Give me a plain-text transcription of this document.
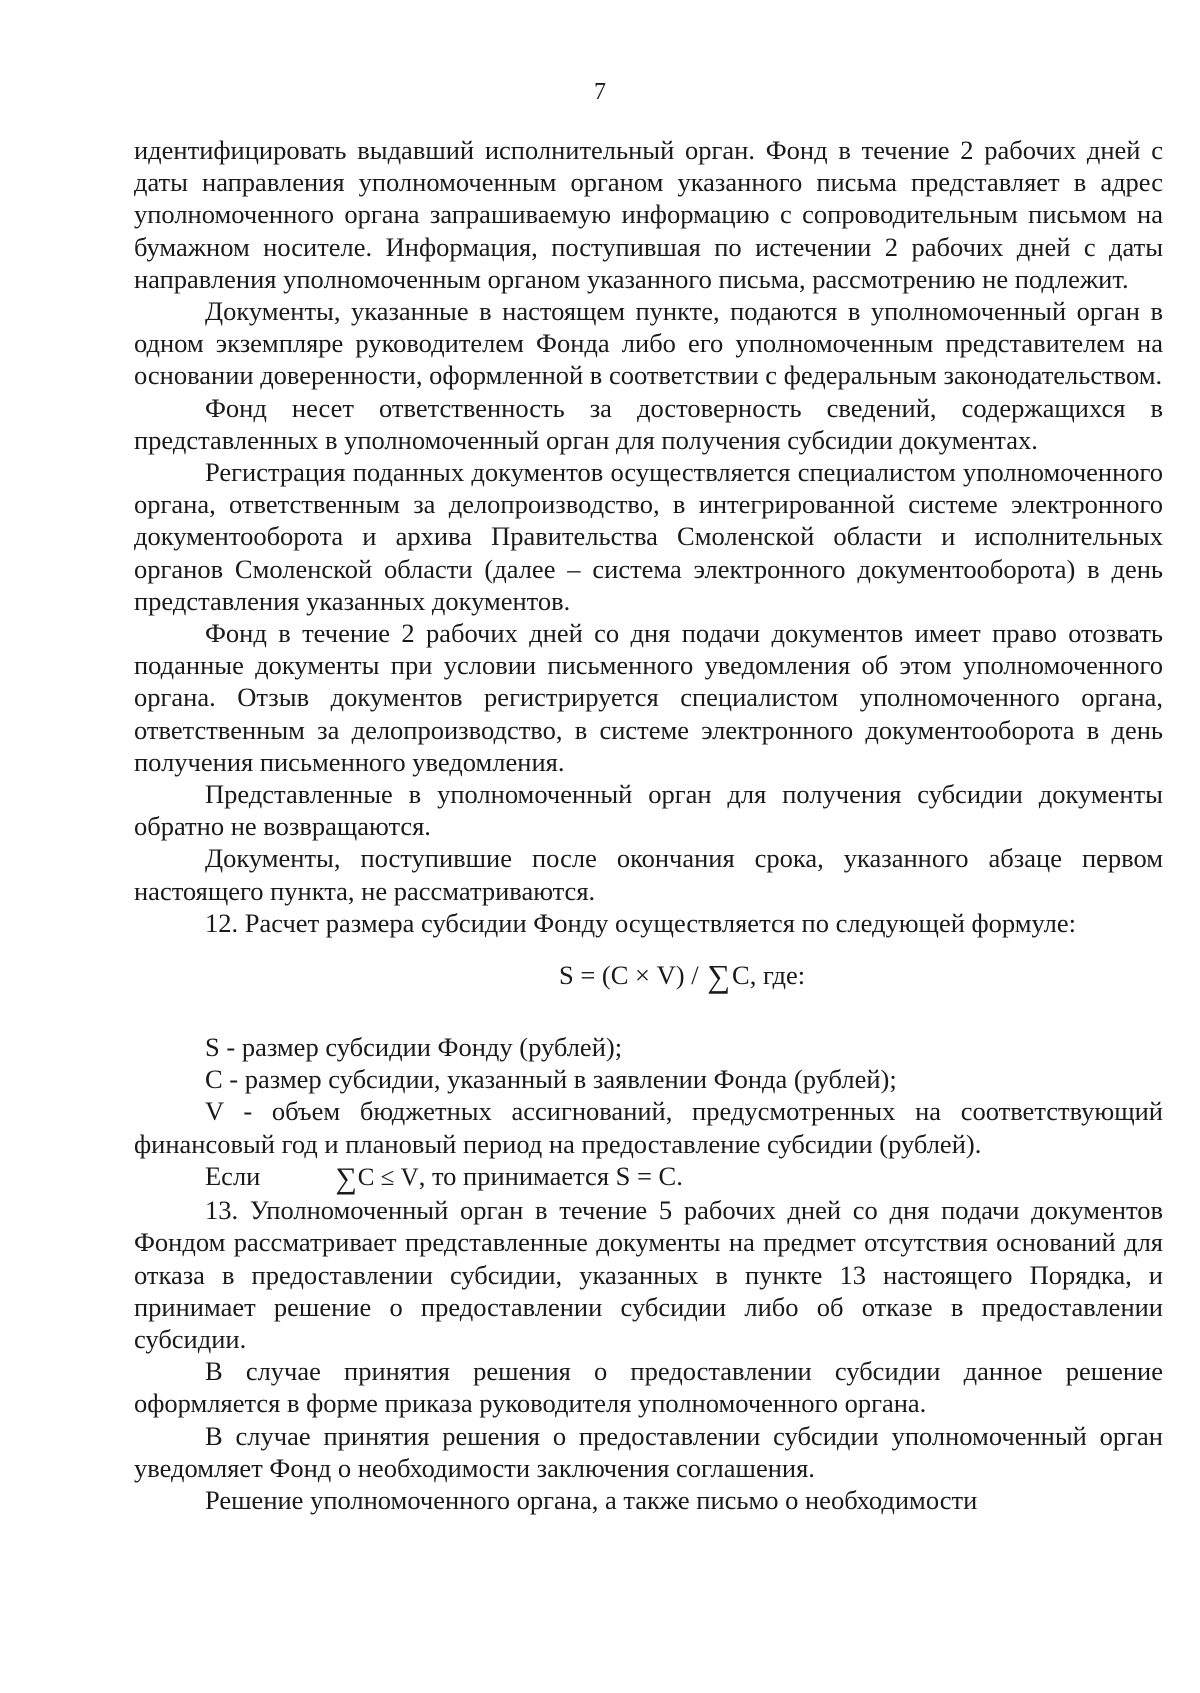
7

идентифицировать выдавший исполнительный орган. Фонд в течение 2 рабочих дней с даты направления уполномоченным органом указанного письма представляет в адрес уполномоченного органа запрашиваемую информацию с сопроводительным письмом на бумажном носителе. Информация, поступившая по истечении 2 рабочих дней с даты направления уполномоченным органом указанного письма, рассмотрению не подлежит.

Документы, указанные в настоящем пункте, подаются в уполномоченный орган в одном экземпляре руководителем Фонда либо его уполномоченным представителем на основании доверенности, оформленной в соответствии с федеральным законодательством.

Фонд несет ответственность за достоверность сведений, содержащихся в представленных в уполномоченный орган для получения субсидии документах.

Регистрация поданных документов осуществляется специалистом уполномоченного органа, ответственным за делопроизводство, в интегрированной системе электронного документооборота и архива Правительства Смоленской области и исполнительных органов Смоленской области (далее – система электронного документооборота) в день представления указанных документов.

Фонд в течение 2 рабочих дней со дня подачи документов имеет право отозвать поданные документы при условии письменного уведомления об этом уполномоченного органа. Отзыв документов регистрируется специалистом уполномоченного органа, ответственным за делопроизводство, в системе электронного документооборота в день получения письменного уведомления.

Представленные в уполномоченный орган для получения субсидии документы обратно не возвращаются.

Документы, поступившие после окончания срока, указанного абзаце первом настоящего пункта, не рассматриваются.

12. Расчет размера субсидии Фонду осуществляется по следующей формуле:

S = (С × V) / ∑С, где:

S - размер субсидии Фонду (рублей);

С - размер субсидии, указанный в заявлении Фонда (рублей);

V - объем бюджетных ассигнований, предусмотренных на соответствующий финансовый год и плановый период на предоставление субсидии (рублей).

Если	∑С ≤ V, то принимается S = С.

13. Уполномоченный орган в течение 5 рабочих дней со дня подачи документов Фондом рассматривает представленные документы на предмет отсутствия оснований для отказа в предоставлении субсидии, указанных в пункте 13 настоящего Порядка, и принимает решение о предоставлении субсидии либо об отказе в предоставлении субсидии.

В случае принятия решения о предоставлении субсидии данное решение оформляется в форме приказа руководителя уполномоченного органа.

В случае принятия решения о предоставлении субсидии уполномоченный орган уведомляет Фонд о необходимости заключения соглашения.

Решение уполномоченного органа, а также письмо о необходимости
